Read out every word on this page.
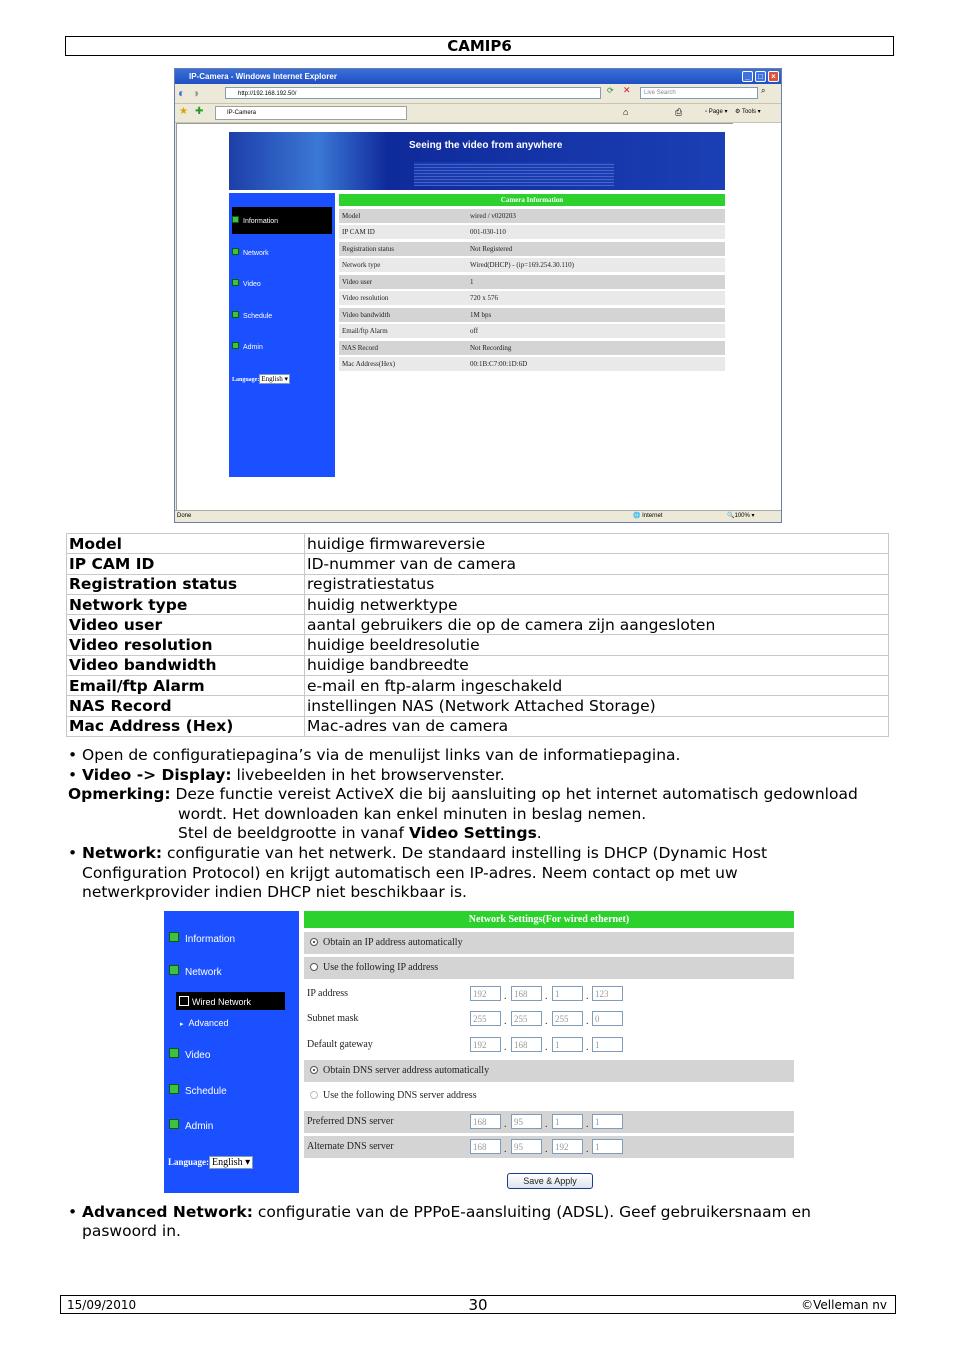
CAMIP6
IP-Camera - Windows Internet Explorer	_	□	×
◐ ◑	http://192.168.192.50/	⟳ ✕	Live Search	⌕
★ ✚	IP-Camera	⌂	⎙	▫ Page ▾ ⚙ Tools ▾
Seeing the video from anywhere
Information
Network
Video
Schedule
Admin
Language: English ▾
Camera Information
Model	wired / v020203
IP CAM ID	001-030-110
Registration status	Not Registered
Network type	Wired(DHCP) - (ip=169.254.30.110)
Video user	1
Video resolution	720 x 576
Video bandwidth	1M bps
Email/ftp Alarm	off
NAS Record	Not Recording
Mac Address(Hex)	00:1B:C7:00:1D:6D
Done	🌐 Internet	🔍100% ▾
Model	huidige firmwareversie
IP CAM ID	ID-nummer van de camera
Registration status	registratiestatus
Network type	huidig netwerktype
Video user	aantal gebruikers die op de camera zijn aangesloten
Video resolution	huidige beeldresolutie
Video bandwidth	huidige bandbreedte
Email/ftp Alarm	e-mail en ftp-alarm ingeschakeld
NAS Record	instellingen NAS (Network Attached Storage)
Mac Address (Hex)	Mac-adres van de camera
• Open de configuratiepagina’s via de menulijst links van de informatiepagina.
• Video -> Display: livebeelden in het browservenster.
Opmerking: Deze functie vereist ActiveX die bij aansluiting op het internet automatisch gedownload
wordt. Het downloaden kan enkel minuten in beslag nemen.
Stel de beeldgrootte in vanaf Video Settings.
• Network: configuratie van het netwerk. De standaard instelling is DHCP (Dynamic Host
Configuration Protocol) en krijgt automatisch een IP-adres. Neem contact op met uw
netwerkprovider indien DHCP niet beschikbaar is.
Information
Network
Wired Network
▸ Advanced
Video
Schedule
Admin
Language: English ▾
Network Settings(For wired ethernet)
Obtain an IP address automatically
Use the following IP address
IP address	192	. 168	. 1	. 123
Subnet mask	255	. 255	. 255	. 0
Default gateway	192	. 168	. 1	. 1
Obtain DNS server address automatically
Use the following DNS server address
Preferred DNS server	168	. 95	. 1	. 1
Alternate DNS server	168	. 95	. 192	. 1
Save & Apply
• Advanced Network: configuratie van de PPPoE-aansluiting (ADSL). Geef gebruikersnaam en
paswoord in.
15/09/2010	30	©Velleman nv
